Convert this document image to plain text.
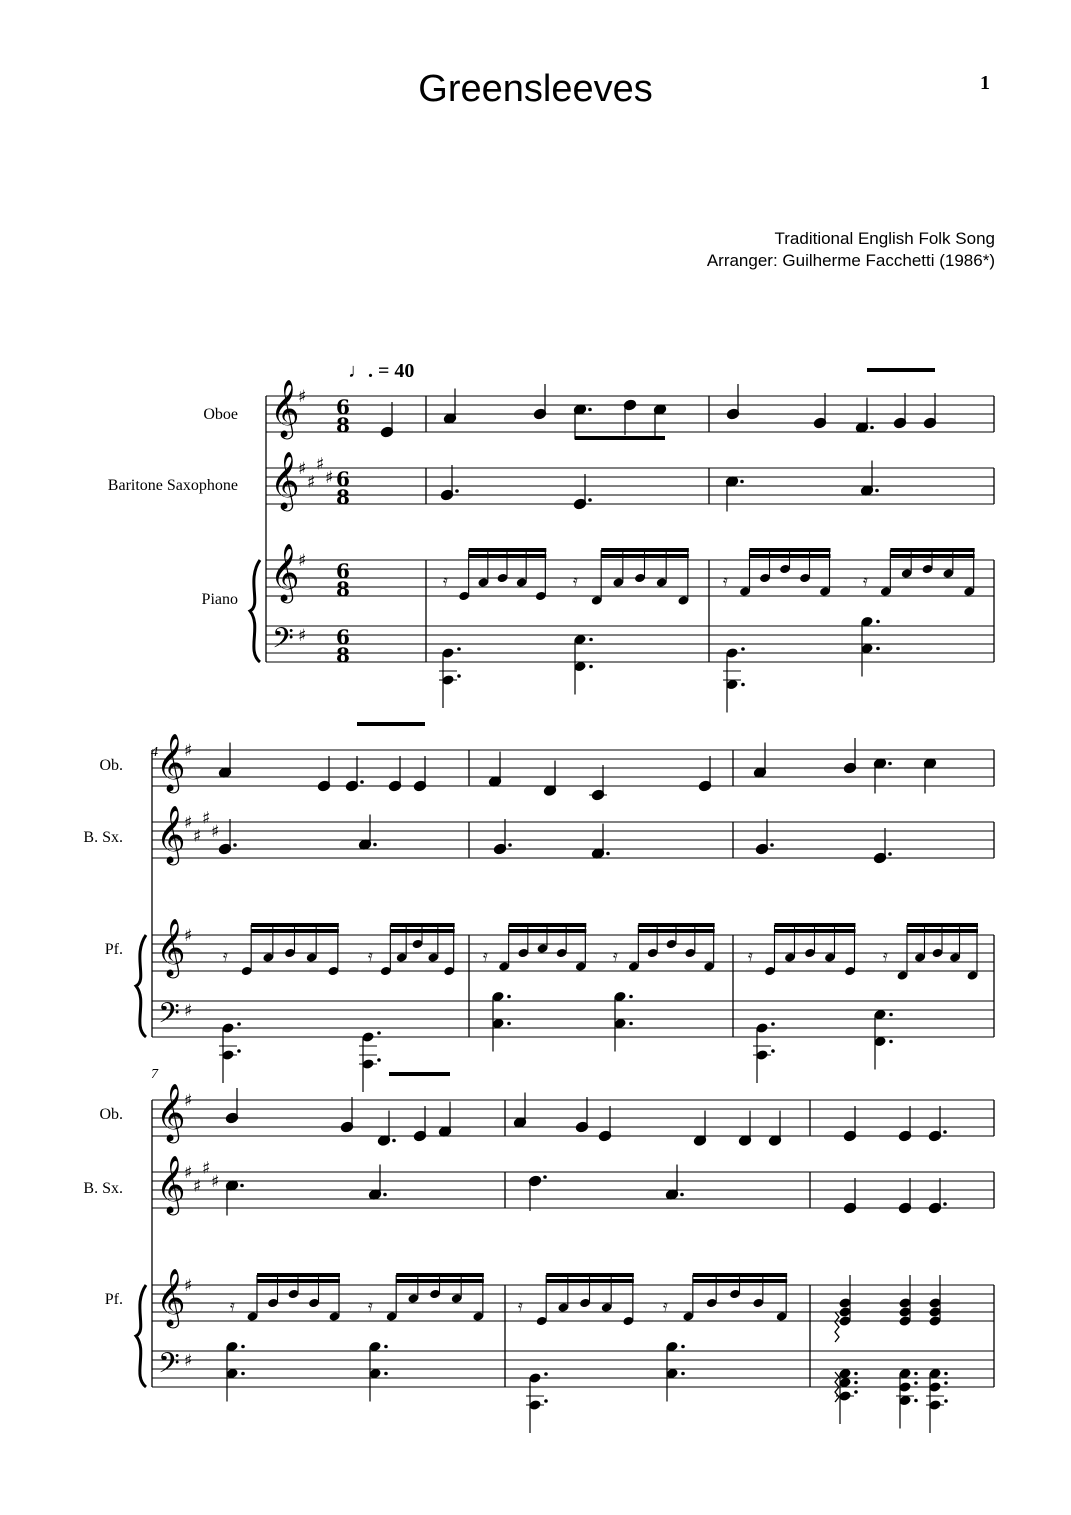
Greensleeves	1
Traditional English Folk Song
Arranger: Guilherme Facchetti (1986*)
♩. = 40
Oboe
Baritone Saxophone
Piano
4
Ob.
B. Sx.
Pf.
7
Ob.
B. Sx.
Pf.
𝄞
♯
𝄞
♯
♯
♯
♯
𝄞
♯
𝄢 ♯
6
8
6
8
6
8
6
8
𝄞
♯
𝄞
♯
♯
♯
♯
𝄞
♯
𝄢 ♯
𝄞
♯
𝄞
♯
♯
♯
♯
𝄞
♯
𝄢 ♯
𝄿	𝄿	𝄿	𝄿
𝄿	𝄿	𝄿	𝄿	𝄿	𝄿
𝄿	𝄿	𝄿	𝄿
